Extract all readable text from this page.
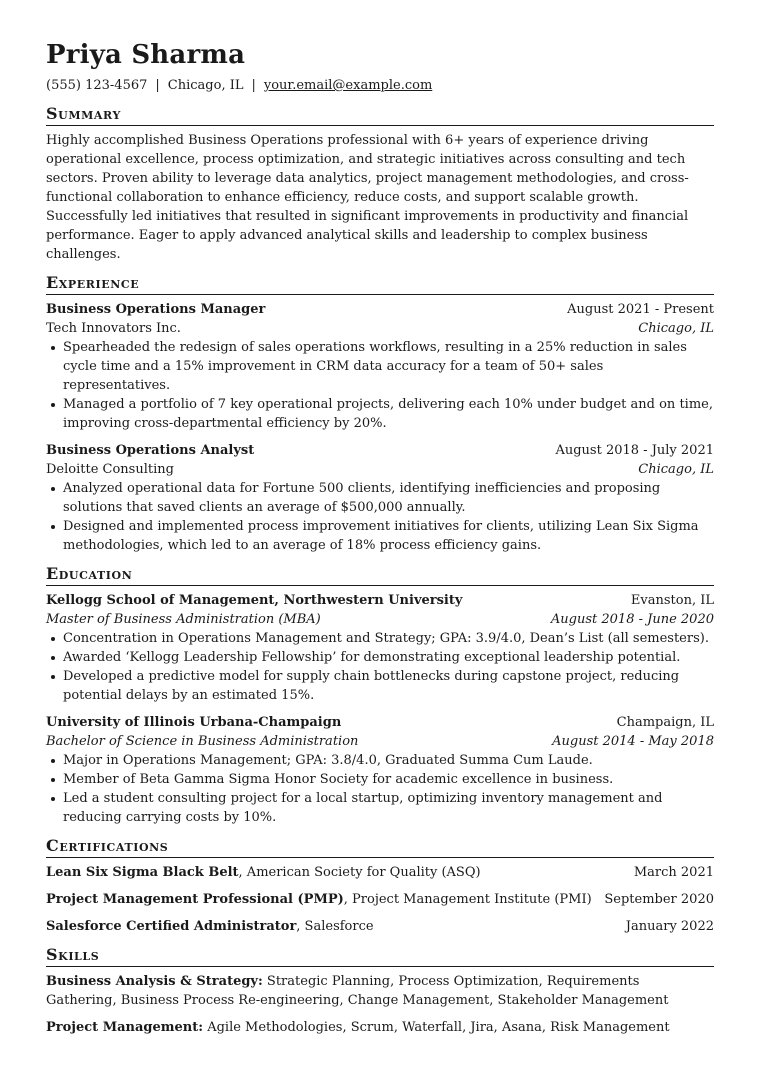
Priya Sharma
(555) 123-4567 | Chicago, IL | your.email@example.com
Summary

Highly accomplished Business Operations professional with 6+ years of experience driving operational excellence, process optimization, and strategic initiatives across consulting and tech sectors. Proven ability to leverage data analytics, project management methodologies, and cross-functional collaboration to enhance efficiency, reduce costs, and support scalable growth. Successfully led initiatives that resulted in significant improvements in productivity and financial performance. Eager to apply advanced analytical skills and leadership to complex business challenges.

Experience
Business Operations Manager	August 2021 - Present
Tech Innovators Inc.	Chicago, IL
Spearheaded the redesign of sales operations workflows, resulting in a 25% reduction in sales cycle time and a 15% improvement in CRM data accuracy for a team of 50+ sales representatives.
Managed a portfolio of 7 key operational projects, delivering each 10% under budget and on time, improving cross-departmental efficiency by 20%.
Business Operations Analyst	August 2018 - July 2021
Deloitte Consulting	Chicago, IL
Analyzed operational data for Fortune 500 clients, identifying inefficiencies and proposing solutions that saved clients an average of $500,000 annually.
Designed and implemented process improvement initiatives for clients, utilizing Lean Six Sigma methodologies, which led to an average of 18% process efficiency gains.
Education
Kellogg School of Management, Northwestern University	Evanston, IL
Master of Business Administration (MBA)	August 2018 - June 2020
Concentration in Operations Management and Strategy; GPA: 3.9/4.0, Dean’s List (all semesters).
Awarded ‘Kellogg Leadership Fellowship’ for demonstrating exceptional leadership potential.
Developed a predictive model for supply chain bottlenecks during capstone project, reducing potential delays by an estimated 15%.
University of Illinois Urbana-Champaign	Champaign, IL
Bachelor of Science in Business Administration	August 2014 - May 2018
Major in Operations Management; GPA: 3.8/4.0, Graduated Summa Cum Laude.
Member of Beta Gamma Sigma Honor Society for academic excellence in business.
Led a student consulting project for a local startup, optimizing inventory management and reducing carrying costs by 10%.
Certifications
Lean Six Sigma Black Belt, American Society for Quality (ASQ)	March 2021
Project Management Professional (PMP), Project Management Institute (PMI) September 2020
Salesforce Certified Administrator, Salesforce	January 2022
Skills
Business Analysis & Strategy: Strategic Planning, Process Optimization, Requirements Gathering, Business Process Re-engineering, Change Management, Stakeholder Management
Project Management: Agile Methodologies, Scrum, Waterfall, Jira, Asana, Risk Management
